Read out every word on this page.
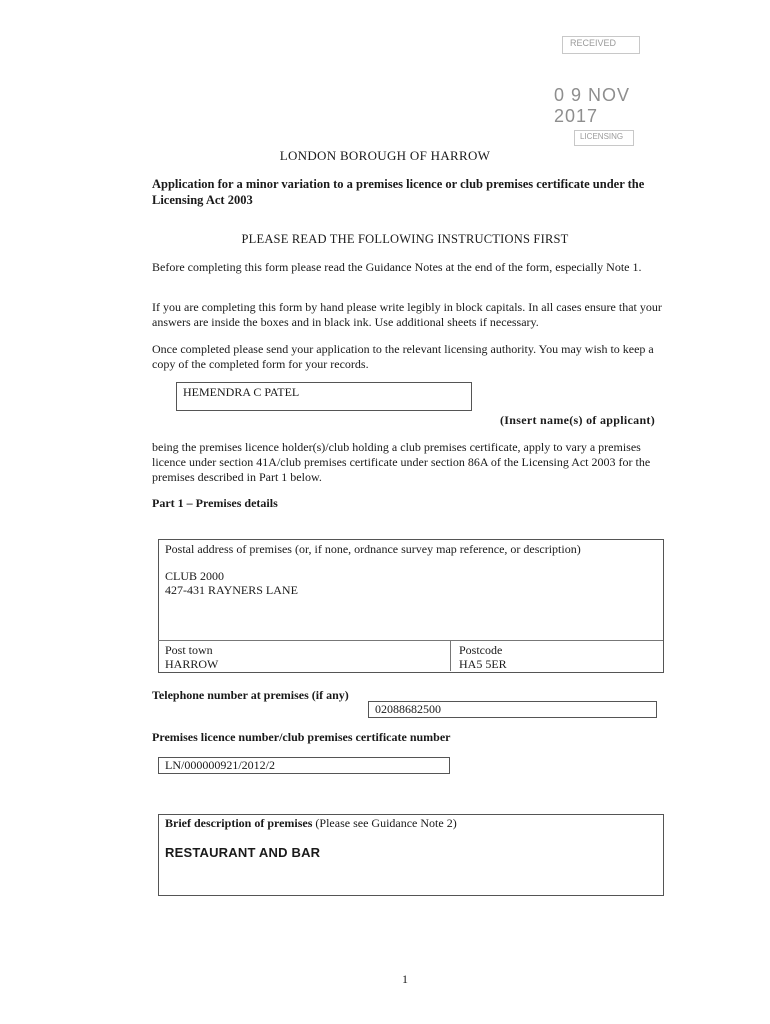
RECEIVED
0 9 NOV 2017
LICENSING
LONDON BOROUGH OF HARROW
Application for a minor variation to a premises licence or club premises certificate under the Licensing Act 2003
PLEASE READ THE FOLLOWING INSTRUCTIONS FIRST
Before completing this form please read the Guidance Notes at the end of the form, especially Note 1.
If you are completing this form by hand please write legibly in block capitals. In all cases ensure that your answers are inside the boxes and in black ink. Use additional sheets if necessary.
Once completed please send your application to the relevant licensing authority. You may wish to keep a copy of the completed form for your records.
HEMENDRA C PATEL
(Insert name(s) of applicant)
being the premises licence holder(s)/club holding a club premises certificate, apply to vary a premises licence under section 41A/club premises certificate under section 86A of the Licensing Act 2003 for the premises described in Part 1 below.
Part 1 – Premises details
Postal address of premises (or, if none, ordnance survey map reference, or description)
CLUB 2000
427-431 RAYNERS LANE
Post town
HARROW
Postcode
HA5 5ER
Telephone number at premises (if any)
02088682500
Premises licence number/club premises certificate number
LN/000000921/2012/2
Brief description of premises (Please see Guidance Note 2)
RESTAURANT AND BAR
1
